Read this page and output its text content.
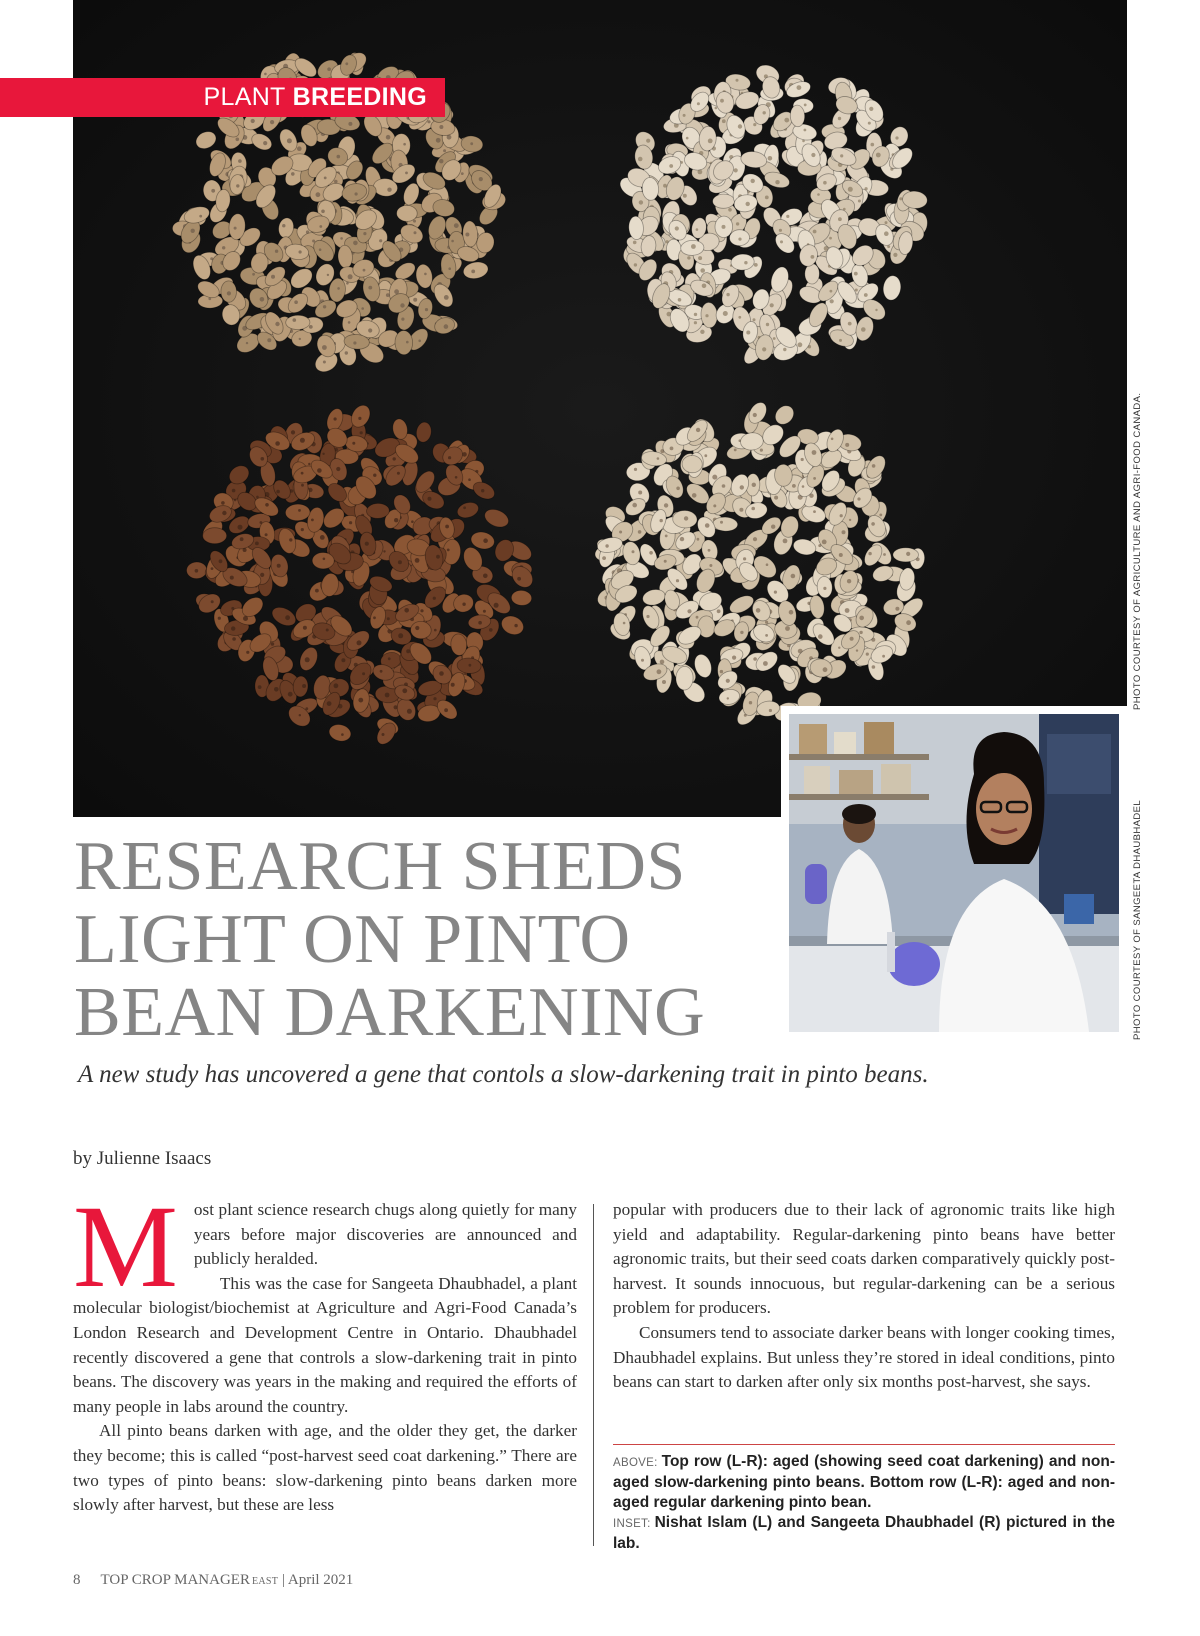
PLANT BREEDING
PHOTO COURTESY OF AGRICULTURE AND AGRI-FOOD CANADA.
PHOTO COURTESY OF SANGEETA DHAUBHADEL
RESEARCH SHEDS
LIGHT ON PINTO
BEAN DARKENING
A new study has uncovered a gene that contols a slow-darkening trait in pinto beans.
by Julienne Isaacs

Most plant science research chugs along quietly for many years before major discoveries are announced and publicly heralded.

This was the case for Sangeeta Dhaubhadel, a plant molecular biologist/biochemist at Agriculture and Agri-Food Canada’s London Research and Development Centre in Ontario. Dhaubhadel recently discovered a gene that controls a slow-darkening trait in pinto beans. The discovery was years in the making and required the efforts of many people in labs around the country.

All pinto beans darken with age, and the older they get, the darker they become; this is called “post-harvest seed coat darkening.” There are two types of pinto beans: slow-darkening pinto beans darken more slowly after harvest, but these are less

popular with producers due to their lack of agronomic traits like high yield and adaptability. Regular-darkening pinto beans have better agronomic traits, but their seed coats darken comparatively quickly post-harvest. It sounds innocuous, but regular-darkening can be a serious problem for producers.

Consumers tend to associate darker beans with longer cooking times, Dhaubhadel explains. But unless they’re stored in ideal conditions, pinto beans can start to darken after only six months post-harvest, she says.

ABOVE: Top row (L-R): aged (showing seed coat darkening) and non-aged slow-darkening pinto beans. Bottom row (L-R): aged and non-aged regular darkening pinto bean.

INSET: Nishat Islam (L) and Sangeeta Dhaubhadel (R) pictured in the lab.

8 TOP CROP MANAGER EAST | April 2021
